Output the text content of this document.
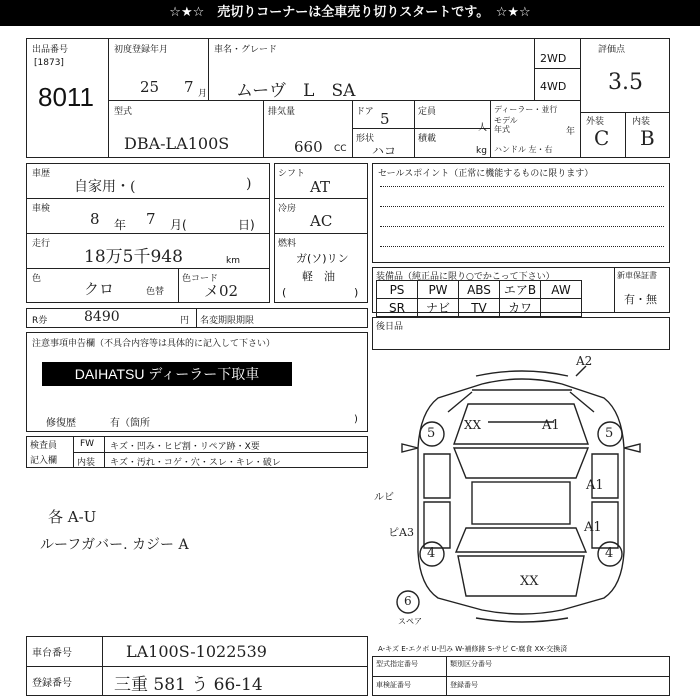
☆★☆　売切りコーナーは全車売り切りスタートです。　☆★☆
出品番号
[1873]
8011
初度登録年月
25 7 月
車名・グレード
ムーヴ　L　SA
2WD
4WD
評価点
3.5
外装
C
内装
B
型式
DBA-LA100S
排気量
660 CC
ドア 5
形状
ハコ
定員
人
積載
kg
ディーラー・並行
モデル
年式	年
ハンドル 左・右
車歴
自家用・(	)
車検
8 年 7 月(	日)
走行
18万5千948	km
色
クロ	色替
色コード
メ02
シフト
AT
冷房
AC
燃料
ガ(ソ)リン
軽　油
(	)
セールスポイント（正常に機能するものに限ります）
装備品（純正品に限り○でかこって下さい）
PS	PW	ABS	エアB	AW
SR	ナビ	TV	カワ	
新車保証書
有・無
R券	8490	円 名変期限期限
注意事項申告欄（不具合内容等は具体的に記入して下さい）
DAIHATSU ディーラー下取車
修復歴	有（箇所	)
後日品
検査員
記入欄
FW キズ・凹み・ヒビ割・リペア跡・X要
内装 キズ・汚れ・コゲ・穴・スレ・キレ・破レ
各 A-U
ルーフガバー. カジー A
A2
XX	A1
A1
A1
XX
5	5
4	4
6
スペア
ルビ
ピA3
A-キズ E-エクボ U-凹み W-補修跡 S-サビ C-腐食 XX-交換済
車台番号	LA100S-1022539
登録番号 三重 581 う 66-14
型式指定番号	類別区分番号
車検証番号	登録番号
